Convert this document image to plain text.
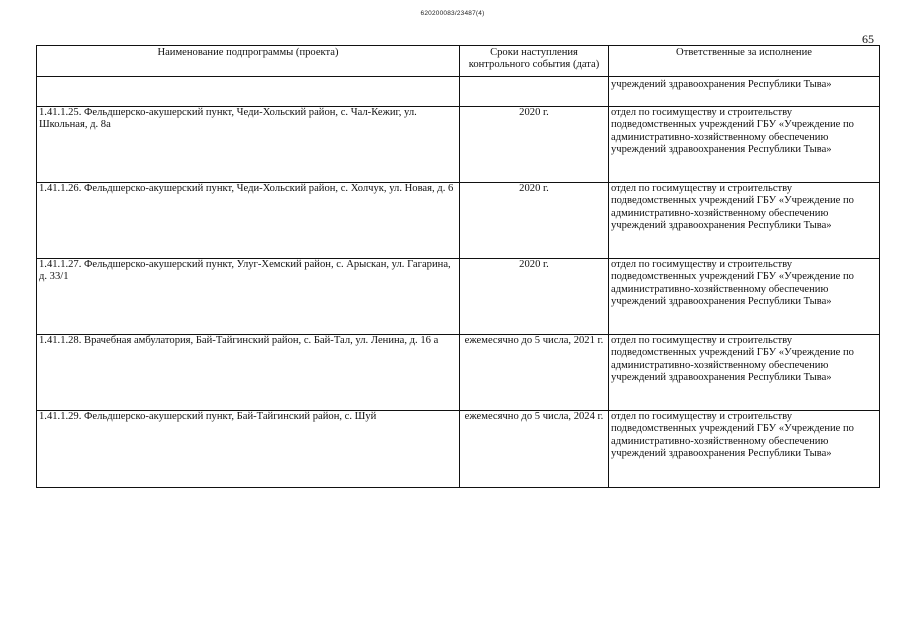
620200083/23487(4)
65
Наименование подпрограммы (проекта)	Сроки наступления контрольного события (дата)	Ответственные за исполнение
		учреждений здравоохранения Республики Тыва»
1.41.1.25. Фельдшерско-акушерский пункт, Чеди-Хольский район, с. Чал-Кежиг, ул. Школьная, д. 8а	2020 г.	отдел по госимуществу и строительству подведомственных учреждений ГБУ «Учреждение по административно-хозяйственному обеспечению учреждений здравоохранения Республики Тыва»
1.41.1.26. Фельдшерско-акушерский пункт, Чеди-Хольский район, с. Холчук, ул. Новая, д. 6	2020 г.	отдел по госимуществу и строительству подведомственных учреждений ГБУ «Учреждение по административно-хозяйственному обеспечению учреждений здравоохранения Республики Тыва»
1.41.1.27. Фельдшерско-акушерский пункт, Улуг-Хемский район, с. Арыскан, ул. Гагарина, д. 33/1	2020 г.	отдел по госимуществу и строительству подведомственных учреждений ГБУ «Учреждение по административно-хозяйственному обеспечению учреждений здравоохранения Республики Тыва»
1.41.1.28. Врачебная амбулатория, Бай-Тайгинский район, с. Бай-Тал, ул. Ленина, д. 16 а	ежемесячно до 5 числа, 2021 г.	отдел по госимуществу и строительству подведомственных учреждений ГБУ «Учреждение по административно-хозяйственному обеспечению учреждений здравоохранения Республики Тыва»
1.41.1.29. Фельдшерско-акушерский пункт, Бай-Тайгинский район, с. Шуй	ежемесячно до 5 числа, 2024 г.	отдел по госимуществу и строительству подведомственных учреждений ГБУ «Учреждение по административно-хозяйственному обеспечению учреждений здравоохранения Республики Тыва»
